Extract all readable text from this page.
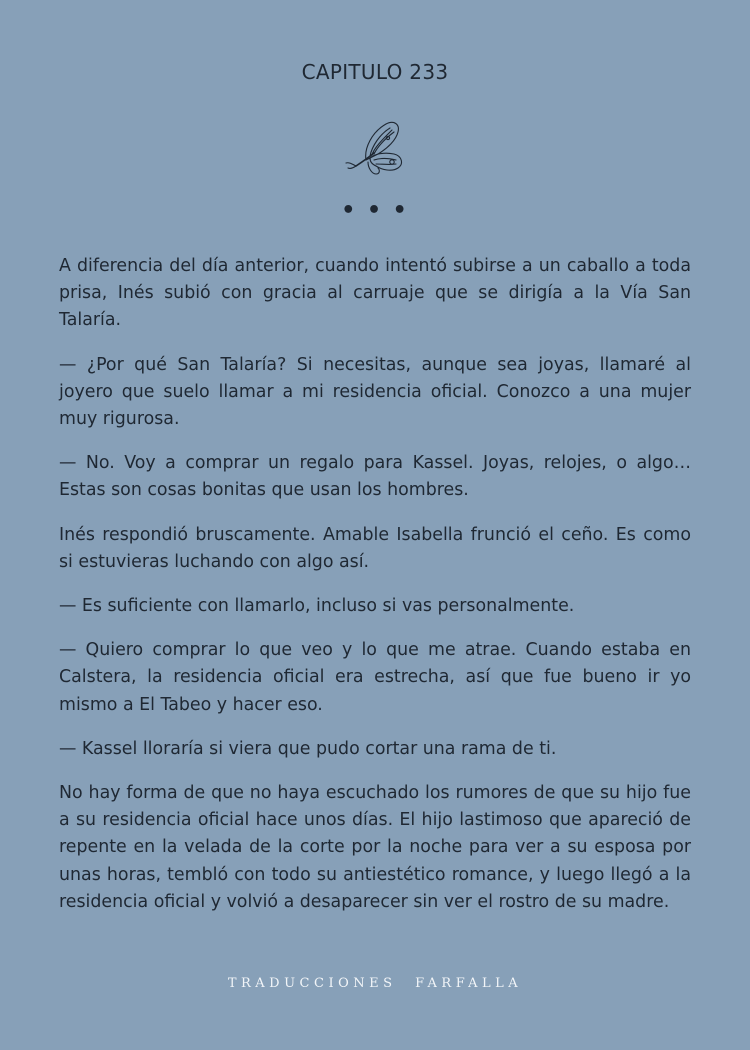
CAPITULO 233
• • •

A diferencia del día anterior, cuando intentó subirse a un caballo a toda prisa, Inés subió con gracia al carruaje que se dirigía a la Vía San Talaría.

— ¿Por qué San Talaría? Si necesitas, aunque sea joyas, llamaré al joyero que suelo llamar a mi residencia oficial. Conozco a una mujer muy rigurosa.

— No. Voy a comprar un regalo para Kassel. Joyas, relojes, o algo… Estas son cosas bonitas que usan los hombres.

Inés respondió bruscamente. Amable Isabella frunció el ceño. Es como si estuvieras luchando con algo así.

— Es suficiente con llamarlo, incluso si vas personalmente.

— Quiero comprar lo que veo y lo que me atrae. Cuando estaba en Calstera, la residencia oficial era estrecha, así que fue bueno ir yo mismo a El Tabeo y hacer eso.

— Kassel lloraría si viera que pudo cortar una rama de ti.

No hay forma de que no haya escuchado los rumores de que su hijo fue a su residencia oficial hace unos días. El hijo lastimoso que apareció de repente en la velada de la corte por la noche para ver a su esposa por unas horas, tembló con todo su antiestético romance, y luego llegó a la residencia oficial y volvió a desaparecer sin ver el rostro de su madre.

TRADUCCIONES FARFALLA
